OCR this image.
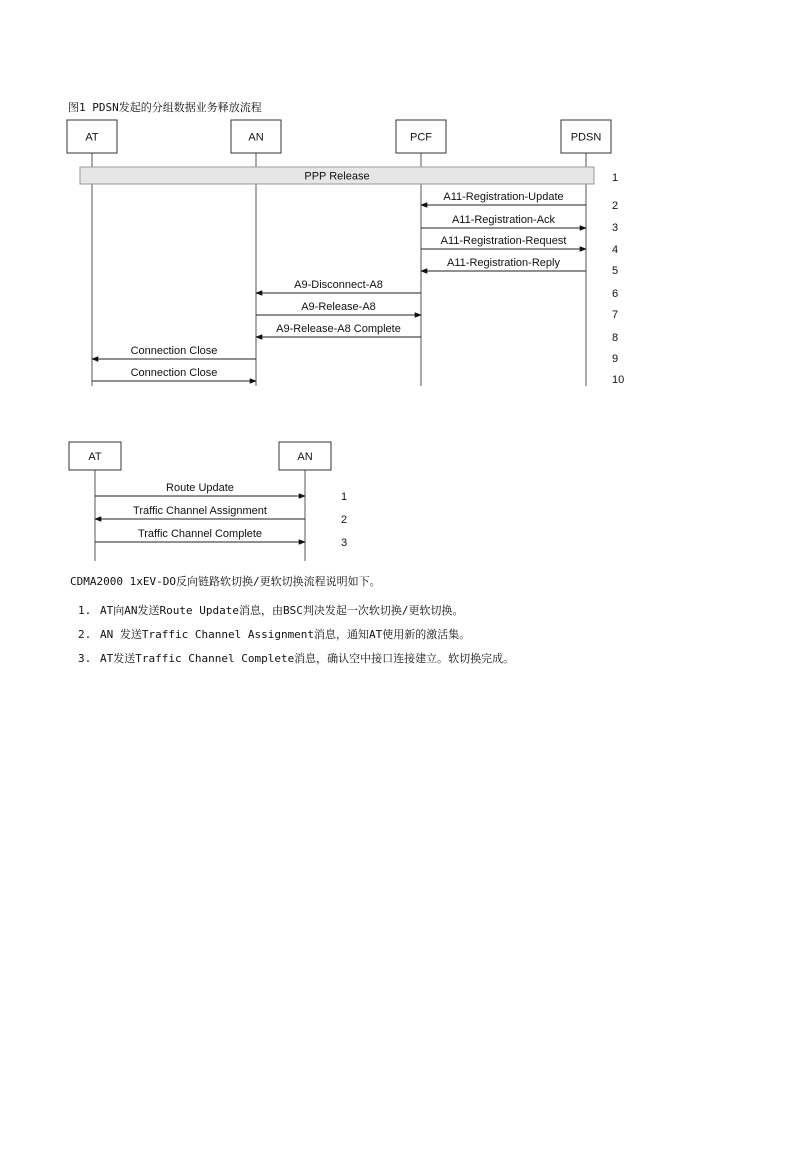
图1 PDSN发起的分组数据业务释放流程
AT	AN	PCF	PDSN
PPP Release
A11-Registration-Update
A11-Registration-Ack
A11-Registration-Request
A11-Registration-Reply
A9-Disconnect-A8
A9-Release-A8
A9-Release-A8 Complete
Connection Close
Connection Close
1
2
3
4
5
6
7
8
9
10
AT	AN
Route Update
Traffic Channel Assignment
Traffic Channel Complete
1
2
3
CDMA2000 1xEV-DO反向链路软切换/更软切换流程说明如下。
1. AT向AN发送Route Update消息，由BSC判决发起一次软切换/更软切换。
2. AN 发送Traffic Channel Assignment消息，通知AT使用新的激活集。
3. AT发送Traffic Channel Complete消息，确认空中接口连接建立。软切换完成。
